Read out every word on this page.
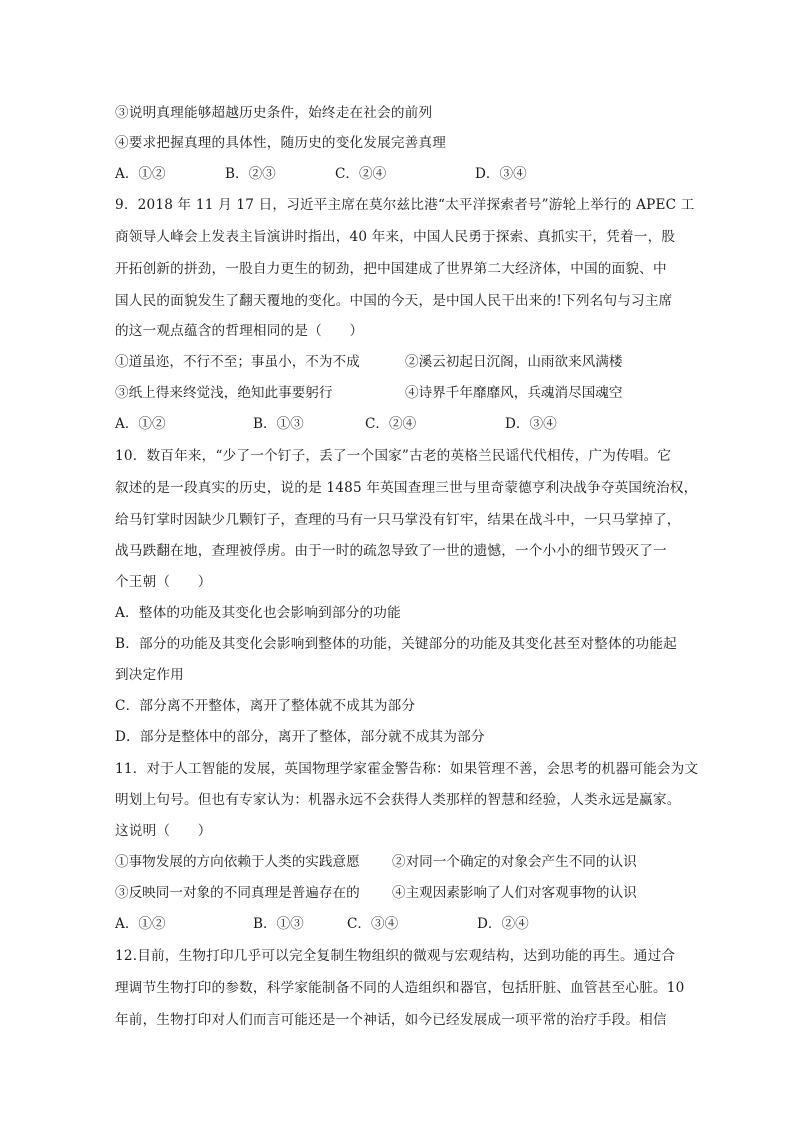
③说明真理能够超越历史条件，始终走在社会的前列
④要求把握真理的具体性，随历史的变化发展完善真理
A．①②	B．②③	C．②④	D．③④
9．2018 年 11 月 17 日，习近平主席在莫尔兹比港“太平洋探索者号”游轮上举行的 APEC 工
商领导人峰会上发表主旨演讲时指出，40 年来，中国人民勇于探索、真抓实干，凭着一，股
开拓创新的拼劲，一股自力更生的韧劲，把中国建成了世界第二大经济体，中国的面貌、中
国人民的面貌发生了翻天覆地的变化。中国的今天，是中国人民干出来的!下列名句与习主席
的这一观点蕴含的哲理相同的是（　　）
①道虽迩，不行不至；事虽小，不为不成	②溪云初起日沉阁，山雨欲来风满楼
③纸上得来终觉浅，绝知此事要躬行	④诗界千年靡靡风，兵魂消尽国魂空
A．①②	B．①③	C．②④	D．③④
10．数百年来，“少了一个钉子，丢了一个国家”古老的英格兰民谣代代相传，广为传唱。它
叙述的是一段真实的历史，说的是 1485 年英国查理三世与里奇蒙德亨利决战争夺英国统治权，
给马钉掌时因缺少几颗钉子，查理的马有一只马掌没有钉牢，结果在战斗中，一只马掌掉了，
战马跌翻在地，查理被俘虏。由于一时的疏忽导致了一世的遗憾，一个小小的细节毁灭了一
个王朝（　　）
A．整体的功能及其变化也会影响到部分的功能
B．部分的功能及其变化会影响到整体的功能，关键部分的功能及其变化甚至对整体的功能起
到决定作用
C．部分离不开整体，离开了整体就不成其为部分
D．部分是整体中的部分，离开了整体，部分就不成其为部分
11．对于人工智能的发展，英国物理学家霍金警告称：如果管理不善，会思考的机器可能会为文
明划上句号。但也有专家认为：机器永远不会获得人类那样的智慧和经验，人类永远是赢家。
这说明（　　）
①事物发展的方向依赖于人类的实践意愿 ②对同一个确定的对象会产生不同的认识
③反映同一对象的不同真理是普遍存在的 ④主观因素影响了人们对客观事物的认识
A．①②	B．①③	C．③④	D．②④
12.目前，生物打印几乎可以完全复制生物组织的微观与宏观结构，达到功能的再生。通过合
理调节生物打印的参数，科学家能制备不同的人造组织和器官，包括肝脏、血管甚至心脏。10
年前，生物打印对人们而言可能还是一个神话，如今已经发展成一项平常的治疗手段。相信
